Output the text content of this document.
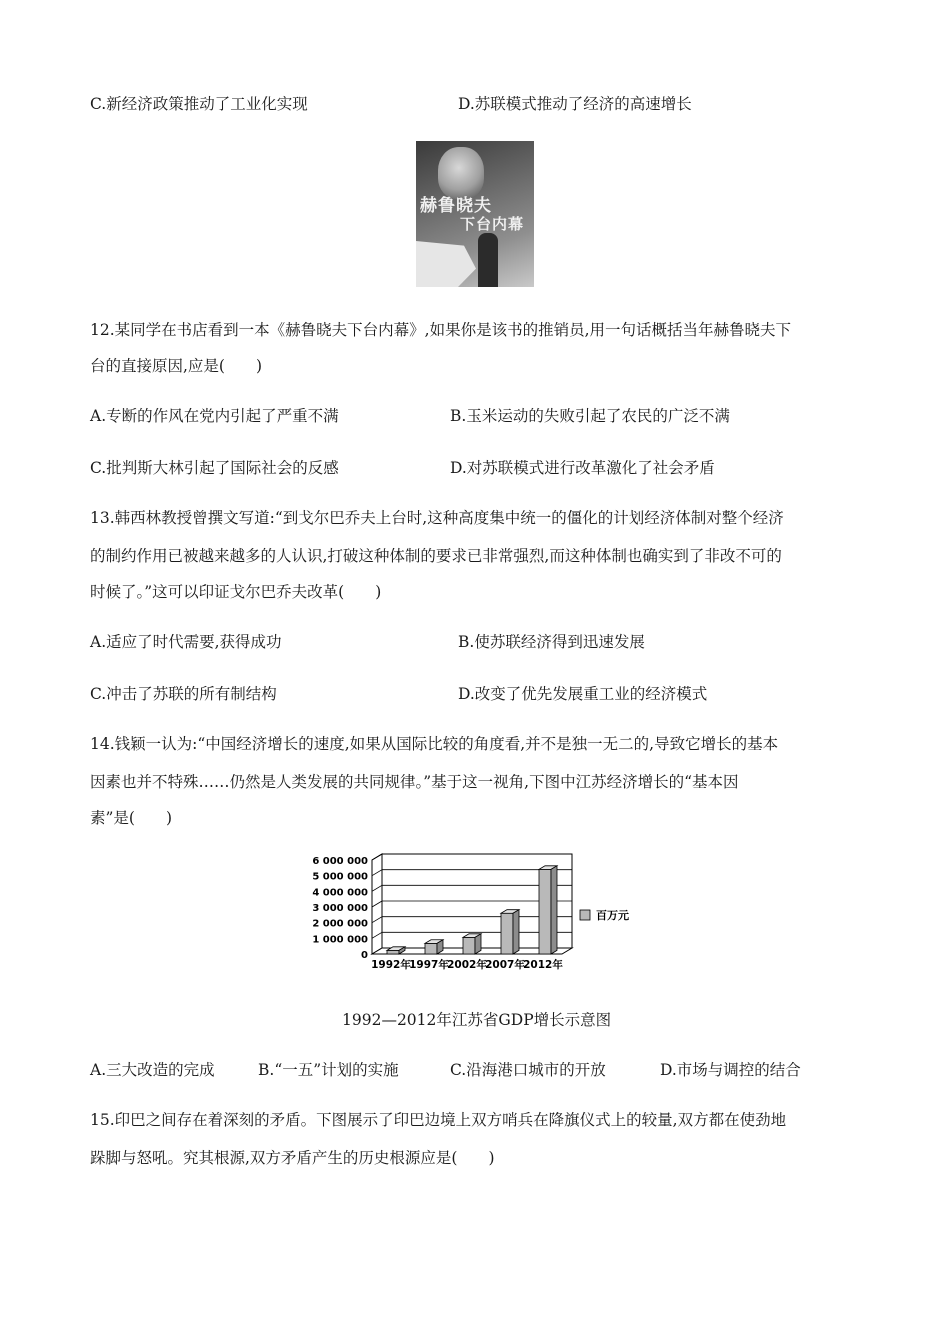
C.新经济政策推动了工业化实现	D.苏联模式推动了经济的高速增长
赫鲁晓夫
下台内幕
12.某同学在书店看到一本《赫鲁晓夫下台内幕》,如果你是该书的推销员,用一句话概括当年赫鲁晓夫下
台的直接原因,应是(　　)
A.专断的作风在党内引起了严重不满	B.玉米运动的失败引起了农民的广泛不满
C.批判斯大林引起了国际社会的反感	D.对苏联模式进行改革激化了社会矛盾
13.韩西林教授曾撰文写道:“到戈尔巴乔夫上台时,这种高度集中统一的僵化的计划经济体制对整个经济
的制约作用已被越来越多的人认识,打破这种体制的要求已非常强烈,而这种体制也确实到了非改不可的
时候了。”这可以印证戈尔巴乔夫改革(　　)
A.适应了时代需要,获得成功	B.使苏联经济得到迅速发展
C.冲击了苏联的所有制结构	D.改变了优先发展重工业的经济模式
14.钱颖一认为:“中国经济增长的速度,如果从国际比较的角度看,并不是独一无二的,导致它增长的基本
因素也并不特殊……仍然是人类发展的共同规律。”基于这一视角,下图中江苏经济增长的“基本因
素”是(　　)
0
1 000 000
2 000 000
3 000 000
4 000 000
5 000 000
6 000 000
1992年
1997年
2002年
2007年
2012年
百万元
1992—2012年江苏省GDP增长示意图
A.三大改造的完成	B.“一五”计划的实施	C.沿海港口城市的开放	D.市场与调控的结合
15.印巴之间存在着深刻的矛盾。下图展示了印巴边境上双方哨兵在降旗仪式上的较量,双方都在使劲地
跺脚与怒吼。究其根源,双方矛盾产生的历史根源应是(　　)
